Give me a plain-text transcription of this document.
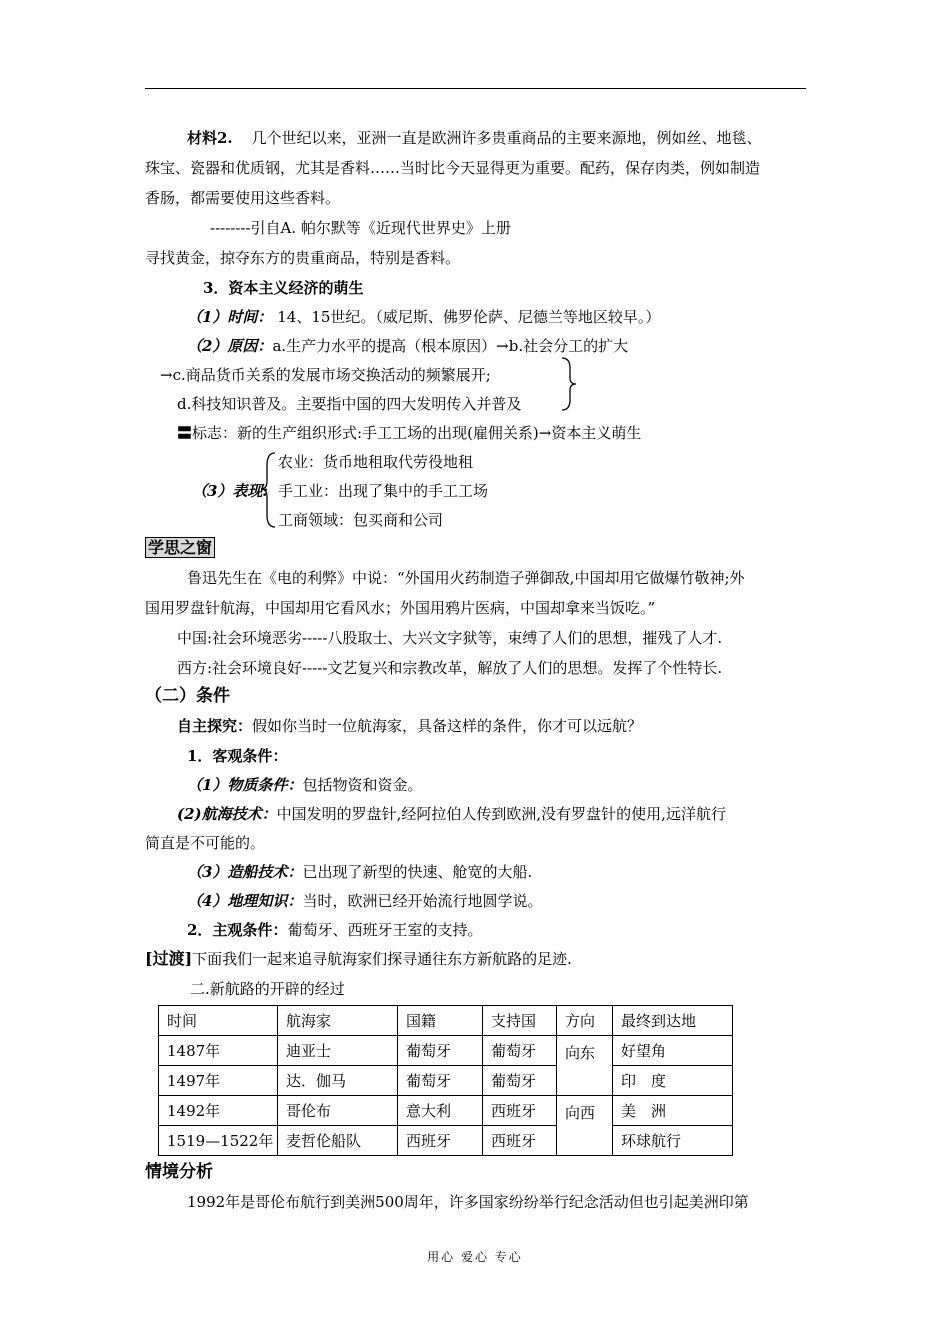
材料2. 几个世纪以来，亚洲一直是欧洲许多贵重商品的主要来源地，例如丝、地毯、
珠宝、瓷器和优质钢，尤其是香料……当时比今天显得更为重要。配药，保存肉类，例如制造
香肠，都需要使用这些香料。
--------引自A. 帕尔默等《近现代世界史》上册
寻找黄金，掠夺东方的贵重商品，特别是香料。
3．资本主义经济的萌生
（1）时间： 14、15世纪。（威尼斯、佛罗伦萨、尼德兰等地区较早。）
（2）原因：a.生产力水平的提高（根本原因）→b.社会分工的扩大
→c.商品货币关系的发展市场交换活动的频繁展开;
d.科技知识普及。主要指中国的四大发明传入并普及
〓标志：新的生产组织形式:手工工场的出现(雇佣关系)→资本主义萌生
农业：货币地租取代劳役地租
（3）表现: 手工业：出现了集中的手工工场
工商领域：包买商和公司
学思之窗
鲁迅先生在《电的利弊》中说：“外国用火药制造子弹御敌,中国却用它做爆竹敬神;外
国用罗盘针航海，中国却用它看风水；外国用鸦片医病，中国却拿来当饭吃。”
中国:社会环境恶劣-----八股取士、大兴文字狱等，束缚了人们的思想，摧残了人才.
西方:社会环境良好-----文艺复兴和宗教改革，解放了人们的思想。发挥了个性特长.
（二）条件
自主探究：假如你当时一位航海家，具备这样的条件，你才可以远航？
1．客观条件：
（1）物质条件：包括物资和资金。
(2)航海技术：中国发明的罗盘针,经阿拉伯人传到欧洲,没有罗盘针的使用,远洋航行
简直是不可能的。
（3）造船技术：已出现了新型的快速、舱宽的大船.
（4）地理知识：当时，欧洲已经开始流行地圆学说。
2．主观条件：葡萄牙、西班牙王室的支持。
[过渡]下面我们一起来追寻航海家们探寻通往东方新航路的足迹.
二.新航路的开辟的经过
时间	航海家	国籍	支持国	方向	最终到达地
1487年	迪亚士	葡萄牙	葡萄牙	向东	好望角
1497年	达．伽马	葡萄牙	葡萄牙		印　度
1492年	哥伦布	意大利	西班牙	向西	美　洲
1519—1522年	麦哲伦船队	西班牙	西班牙		环球航行
情境分析
1992年是哥伦布航行到美洲500周年，许多国家纷纷举行纪念活动但也引起美洲印第
用心 爱心 专心
